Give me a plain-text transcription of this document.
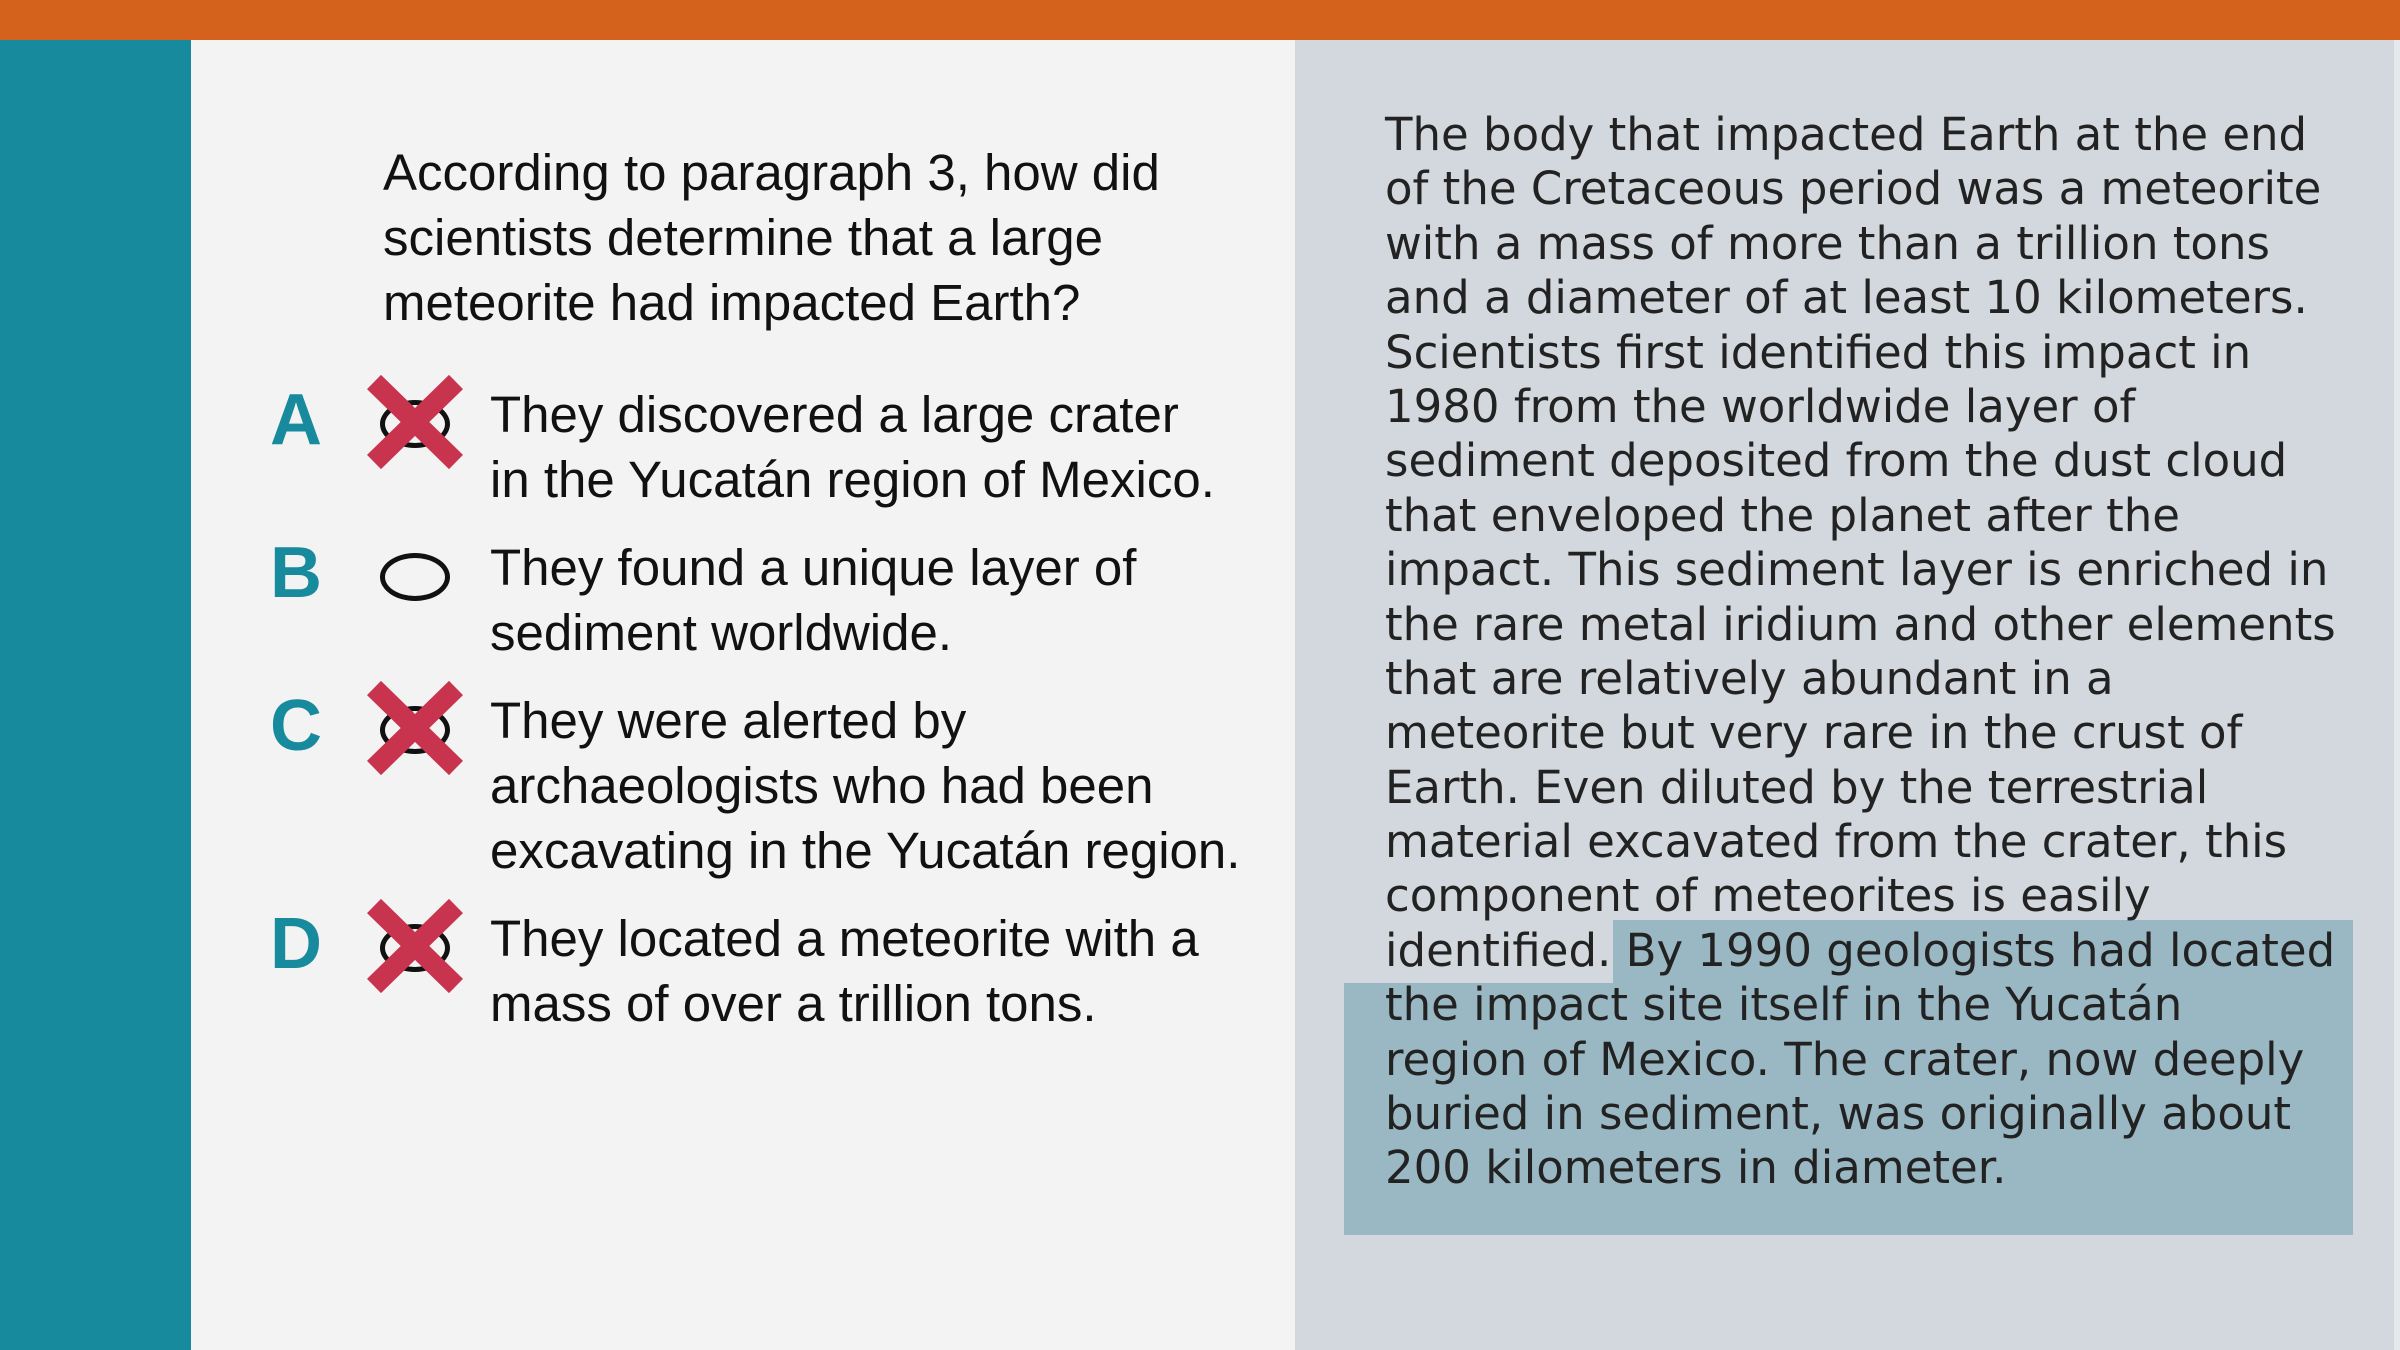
According to paragraph 3, how did
scientists determine that a large
meteorite had impacted Earth?
A	They discovered a large crater
in the Yucatán region of Mexico.
B	They found a unique layer of
sediment worldwide.
C	They were alerted by
archaeologists who had been
excavating in the Yucatán region.
D	They located a meteorite with a
mass of over a trillion tons.
The body that impacted Earth at the end
of the Cretaceous period was a meteorite
with a mass of more than a trillion tons
and a diameter of at least 10 kilometers.
Scientists first identified this impact in
1980 from the worldwide layer of
sediment deposited from the dust cloud
that enveloped the planet after the
impact. This sediment layer is enriched in
the rare metal iridium and other elements
that are relatively abundant in a
meteorite but very rare in the crust of
Earth. Even diluted by the terrestrial
material excavated from the crater, this
component of meteorites is easily
identified. By 1990 geologists had located
the impact site itself in the Yucatán
region of Mexico. The crater, now deeply
buried in sediment, was originally about
200 kilometers in diameter.
